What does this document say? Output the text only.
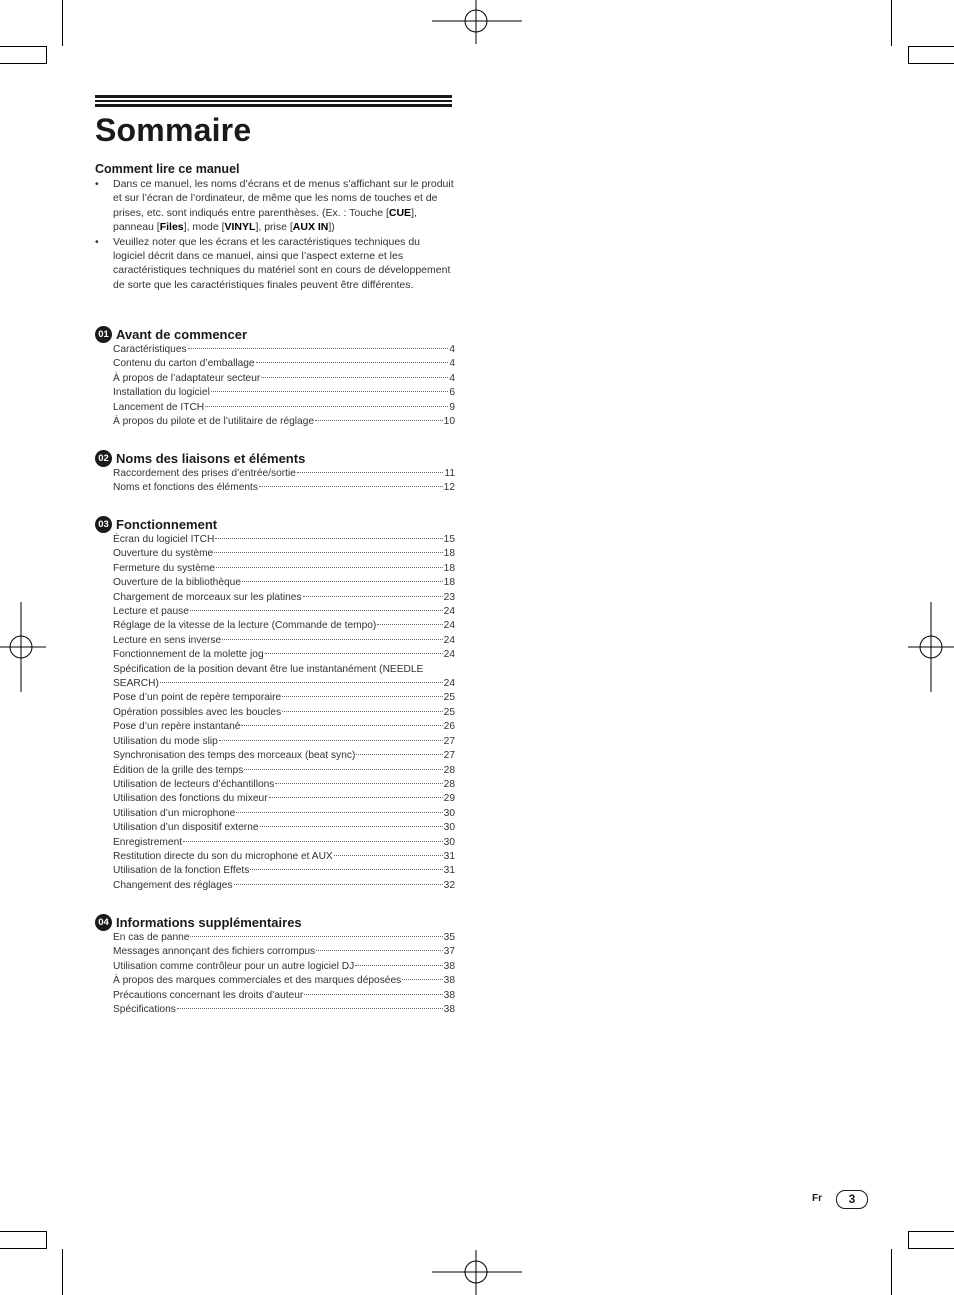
Sommaire
Comment lire ce manuel
• Dans ce manuel, les noms d’écrans et de menus s’affichant sur le produit et sur l’écran de l’ordinateur, de même que les noms de touches et de prises, etc. sont indiqués entre parenthèses. (Ex. : Touche [CUE], panneau [Files], mode [VINYL], prise [AUX IN])
• Veuillez noter que les écrans et les caractéristiques techniques du logiciel décrit dans ce manuel, ainsi que l’aspect externe et les caractéristiques techniques du matériel sont en cours de développement de sorte que les caractéristiques finales peuvent être différentes.
01 Avant de commencer
Caractéristiques	4
Contenu du carton d’emballage	4
À propos de l’adaptateur secteur	4
Installation du logiciel	6
Lancement de ITCH	9
À propos du pilote et de l’utilitaire de réglage	10
02 Noms des liaisons et éléments
Raccordement des prises d’entrée/sortie	11
Noms et fonctions des éléments	12
03 Fonctionnement
Écran du logiciel ITCH	15
Ouverture du système	18
Fermeture du système	18
Ouverture de la bibliothèque	18
Chargement de morceaux sur les platines	23
Lecture et pause	24
Réglage de la vitesse de la lecture (Commande de tempo)	24
Lecture en sens inverse	24
Fonctionnement de la molette jog	24
Spécification de la position devant être lue instantanément (NEEDLE
SEARCH)	24
Pose d’un point de repère temporaire	25
Opération possibles avec les boucles	25
Pose d’un repère instantané	26
Utilisation du mode slip	27
Synchronisation des temps des morceaux (beat sync)	27
Édition de la grille des temps	28
Utilisation de lecteurs d’échantillons	28
Utilisation des fonctions du mixeur	29
Utilisation d’un microphone	30
Utilisation d’un dispositif externe	30
Enregistrement	30
Restitution directe du son du microphone et AUX	31
Utilisation de la fonction Effets	31
Changement des réglages	32
04 Informations supplémentaires
En cas de panne	35
Messages annonçant des fichiers corrompus	37
Utilisation comme contrôleur pour un autre logiciel DJ	38
À propos des marques commerciales et des marques déposées	38
Précautions concernant les droits d’auteur	38
Spécifications	38
Fr	3
